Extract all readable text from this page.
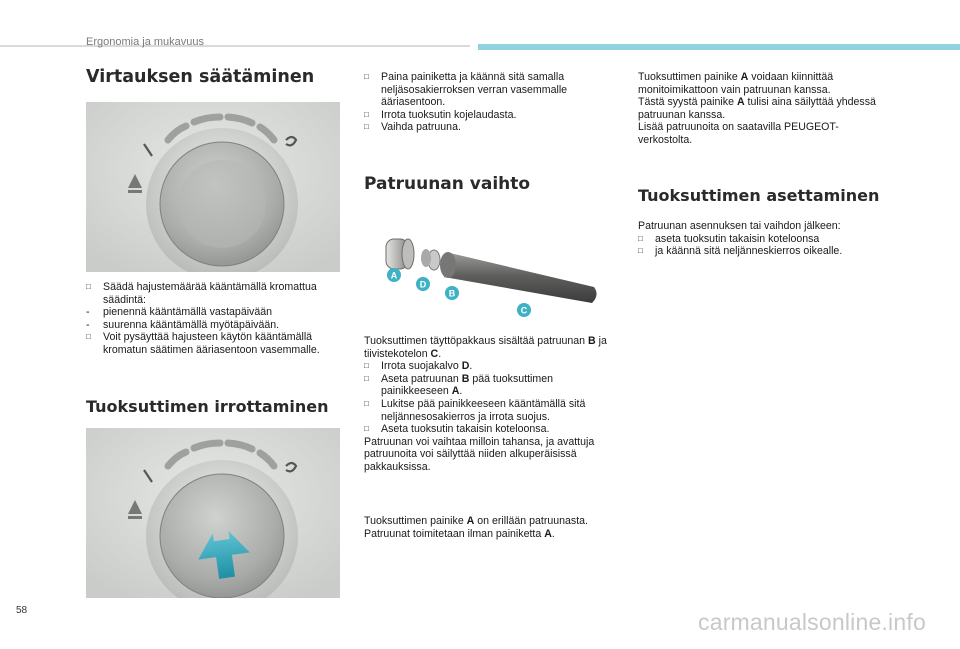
Ergonomia ja mukavuus
Virtauksen säätäminen

□ Säädä hajustemäärää kääntämällä kromattua säädintä:

- pienennä kääntämällä vastapäivään

- suurenna kääntämällä myötäpäivään.

□ Voit pysäyttää hajusteen käytön kääntämällä kromatun säätimen ääriasentoon vasemmalle.

Tuoksuttimen irrottaminen

□ Paina painiketta ja käännä sitä samalla neljäsosakierroksen verran vasemmalle ääriasentoon.

□ Irrota tuoksutin kojelaudasta.

□ Vaihda patruuna.

Patruunan vaihto
A
D
B
C

Tuoksuttimen täyttöpakkaus sisältää patruunan B ja tiivistekotelon C.

□ Irrota suojakalvo D.

□ Aseta patruunan B pää tuoksuttimen painikkeeseen A.

□ Lukitse pää painikkeeseen kääntämällä sitä neljännesosakierros ja irrota suojus.

□ Aseta tuoksutin takaisin koteloonsa.

Patruunan voi vaihtaa milloin tahansa, ja avattuja patruunoita voi säilyttää niiden alkuperäisissä pakkauksissa.

Tuoksuttimen painike A on erillään patruunasta.

Patruunat toimitetaan ilman painiketta A.

Tuoksuttimen painike A voidaan kiinnittää monitoimikattoon vain patruunan kanssa.

Tästä syystä painike A tulisi aina säilyttää yhdessä patruunan kanssa.

Lisää patruunoita on saatavilla PEUGEOT-verkostolta.

Tuoksuttimen asettaminen

Patruunan asennuksen tai vaihdon jälkeen:

□ aseta tuoksutin takaisin koteloonsa

□ ja käännä sitä neljänneskierros oikealle.

58	carmanualsonline.info
